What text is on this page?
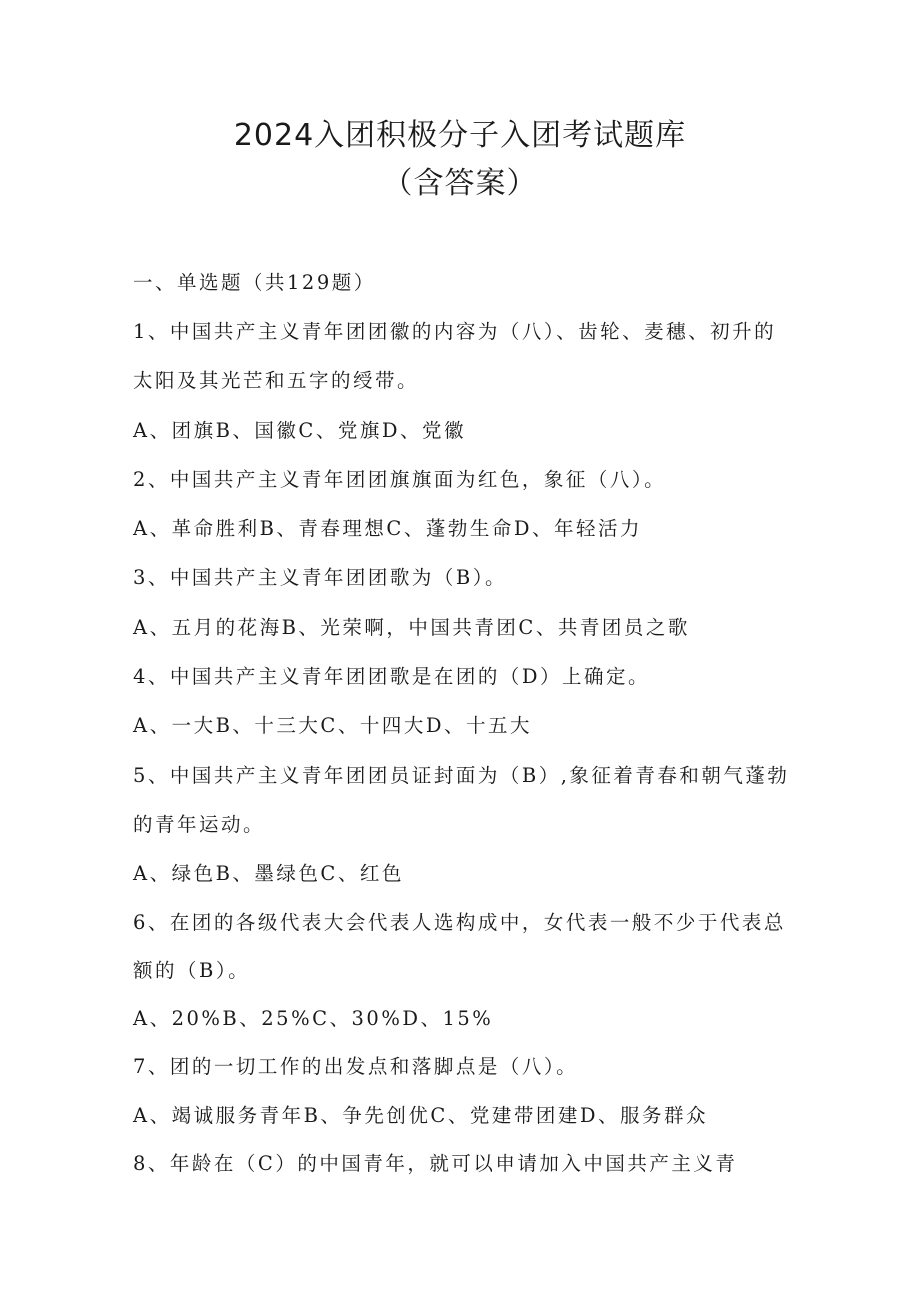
2024入团积极分子入团考试题库
（含答案）
一、单选题（共129题）
1、中国共产主义青年团团徽的内容为（八）、齿轮、麦穗、初升的
太阳及其光芒和五字的绶带。
A、团旗B、国徽C、党旗D、党徽
2、中国共产主义青年团团旗旗面为红色，象征（八）。
A、革命胜利B、青春理想C、蓬勃生命D、年轻活力
3、中国共产主义青年团团歌为（B）。
A、五月的花海B、光荣啊，中国共青团C、共青团员之歌
4、中国共产主义青年团团歌是在团的（D）上确定。
A、一大B、十三大C、十四大D、十五大
5、中国共产主义青年团团员证封面为（B）,象征着青春和朝气蓬勃
的青年运动。
A、绿色B、墨绿色C、红色
6、在团的各级代表大会代表人选构成中，女代表一般不少于代表总
额的（B）。
A、20%B、25%C、30%D、15%
7、团的一切工作的出发点和落脚点是（八）。
A、竭诚服务青年B、争先创优C、党建带团建D、服务群众
8、年龄在（C）的中国青年，就可以申请加入中国共产主义青
